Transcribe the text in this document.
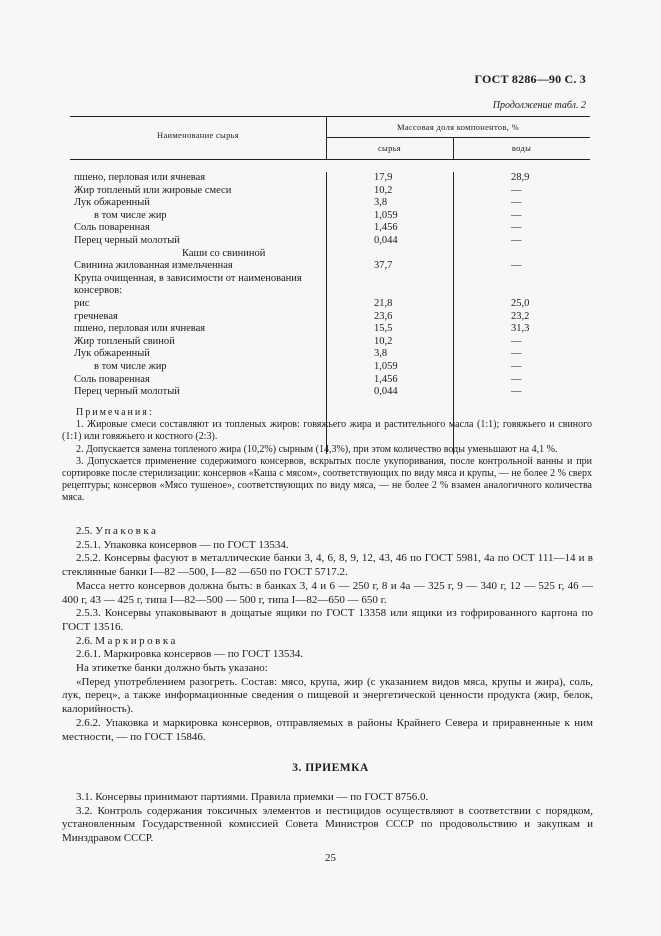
ГОСТ 8286—90 С. 3
Продолжение табл. 2
Наименование сырья
Массовая доля компонентов, %
сырья	воды
пшено, перловая или ячневая	17,9	28,9
Жир топленый или жировые смеси	10,2	—
Лук обжаренный	3,8	—
в том числе жир	1,059	—
Соль поваренная	1,456	—
Перец черный молотый	0,044	—
Каши со свининой
Свинина жилованная измельченная	37,7	—
Крупа очищенная, в зависимости от наименования консервов:
рис	21,8	25,0
гречневая	23,6	23,2
пшено, перловая или ячневая	15,5	31,3
Жир топленый свиной	10,2	—
Лук обжаренный	3,8	—
в том числе жир	1,059	—
Соль поваренная	1,456	—
Перец черный молотый	0,044	—
Примечания:

1. Жировые смеси составляют из топленых жиров: говяжьего жира и растительного масла (1:1); говяжьего и свиного (1:1) или говяжьего и костного (2:3).

2. Допускается замена топленого жира (10,2%) сырным (14,3%), при этом количество воды уменьшают на 4,1 %.

3. Допускается применение содержимого консервов, вскрытых после укупоривания, после контрольной ванны и при сортировке после стерилизации: консервов «Каша с мясом», соответствующих по виду мяса и крупы, — не более 2 % сверх рецептуры; консервов «Мясо тушеное», соответствующих по виду мяса, — не более 2 % взамен аналогичного количества мяса.

2.5. Упаковка

2.5.1. Упаковка консервов — по ГОСТ 13534.

2.5.2. Консервы фасуют в металлические банки 3, 4, 6, 8, 9, 12, 43, 46 по ГОСТ 5981, 4а по ОСТ 111—14 и в стеклянные банки I—82 —500, I—82 —650 по ГОСТ 5717.2.

Масса нетто консервов должна быть: в банках 3, 4 и 6 — 250 г, 8 и 4а — 325 г, 9 — 340 г, 12 — 525 г, 46 — 400 г, 43 — 425 г, типа I—82—500 — 500 г, типа I—82—650 — 650 г.

2.5.3. Консервы упаковывают в дощатые ящики по ГОСТ 13358 или ящики из гофрированного картона по ГОСТ 13516.

2.6. Маркировка

2.6.1. Маркировка консервов — по ГОСТ 13534.

На этикетке банки должно быть указано:

«Перед употреблением разогреть. Состав: мясо, крупа, жир (с указанием видов мяса, крупы и жира), соль, лук, перец», а также информационные сведения о пищевой и энергетической ценности продукта (жир, белок, калорийность).

2.6.2. Упаковка и маркировка консервов, отправляемых в районы Крайнего Севера и приравненные к ним местности, — по ГОСТ 15846.

3. ПРИЕМКА

3.1. Консервы принимают партиями. Правила приемки — по ГОСТ 8756.0.

3.2. Контроль содержания токсичных элементов и пестицидов осуществляют в соответствии с порядком, установленным Государственной комиссией Совета Министров СССР по продовольствию и закупкам и Минздравом СССР.

25
